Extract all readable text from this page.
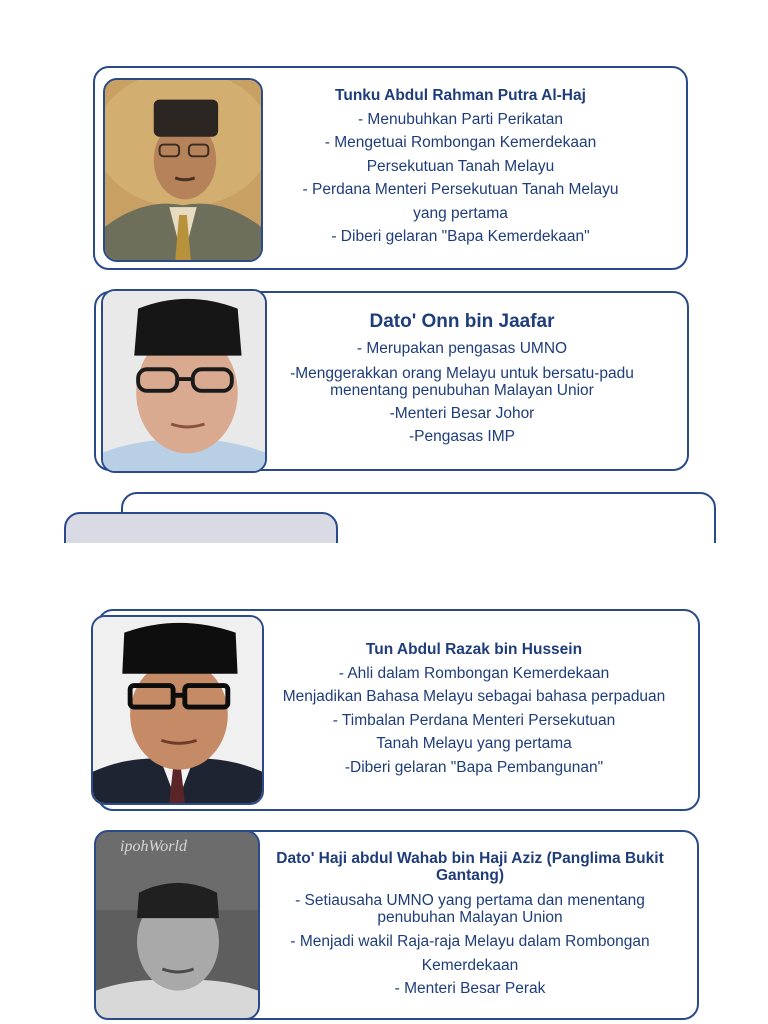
Tunku Abdul Rahman Putra Al-Haj
- Menubuhkan Parti Perikatan
- Mengetuai Rombongan Kemerdekaan
Persekutuan Tanah Melayu
- Perdana Menteri Persekutuan Tanah Melayu
yang pertama
- Diberi gelaran "Bapa Kemerdekaan"
Dato' Onn bin Jaafar
- Merupakan pengasas UMNO
-Menggerakkan orang Melayu untuk bersatu-padu
menentang penubuhan Malayan Unior
-Menteri Besar Johor
-Pengasas IMP
Tun Abdul Razak bin Hussein
- Ahli dalam Rombongan Kemerdekaan
Menjadikan Bahasa Melayu sebagai bahasa perpaduan
- Timbalan Perdana Menteri Persekutuan
Tanah Melayu yang pertama
-Diberi gelaran "Bapa Pembangunan"
ipohWorld
Dato' Haji abdul Wahab bin Haji Aziz (Panglima Bukit
Gantang)
- Setiausaha UMNO yang pertama dan menentang
penubuhan Malayan Union
- Menjadi wakil Raja-raja Melayu dalam Rombongan
Kemerdekaan
- Menteri Besar Perak
